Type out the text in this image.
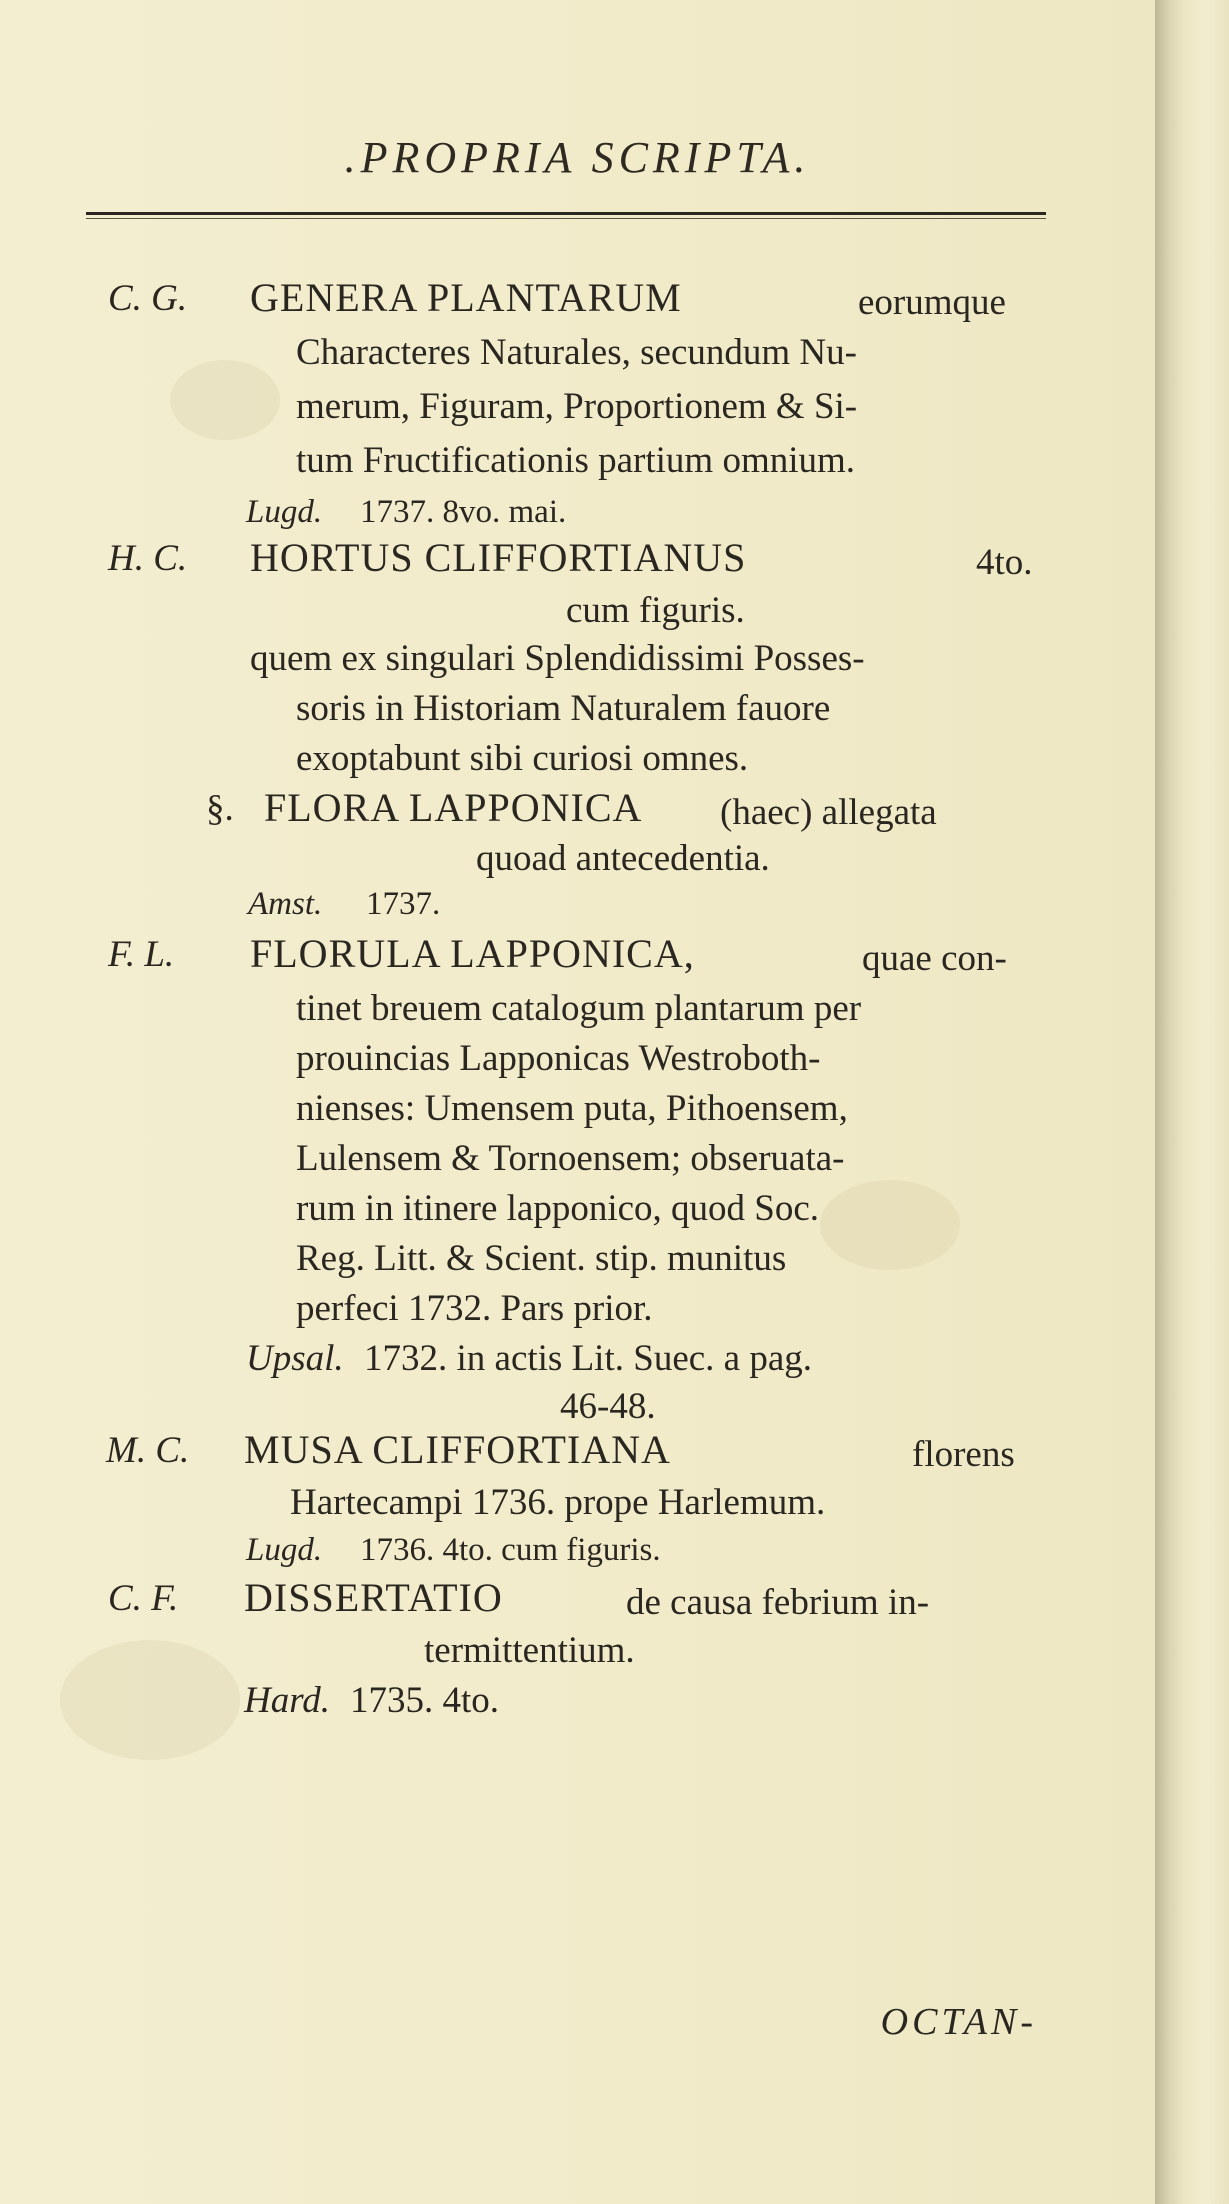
.PROPRIA SCRIPTA.
C. G. GENERA PLANTARUM	eorumque
Characteres Naturales, secundum Nu-
merum, Figuram, Proportionem & Si-
tum Fructificationis partium omnium.
Lugd. 1737. 8vo. mai.
H. C. HORTUS CLIFFORTIANUS	4to.
cum figuris.
quem ex singulari Splendidissimi Posses-
soris in Historiam Naturalem fauore
exoptabunt sibi curiosi omnes.
§. FLORA LAPPONICA (haec) allegata
quoad antecedentia.
Amst. 1737.
F. L. FLORULA LAPPONICA,	quae con-
tinet breuem catalogum plantarum per
prouincias Lapponicas Westroboth-
nienses: Umensem puta, Pithoensem,
Lulensem & Tornoensem; obseruata-
rum in itinere lapponico, quod Soc.
Reg. Litt. & Scient. stip. munitus
perfeci 1732. Pars prior.
Upsal. 1732. in actis Lit. Suec. a pag.
46-48.
M. C. MUSA CLIFFORTIANA	florens
Hartecampi 1736. prope Harlemum.
Lugd. 1736. 4to. cum figuris.
C. F. DISSERTATIO	de causa febrium in-
termittentium.
Hard. 1735. 4to.
OCTAN-
